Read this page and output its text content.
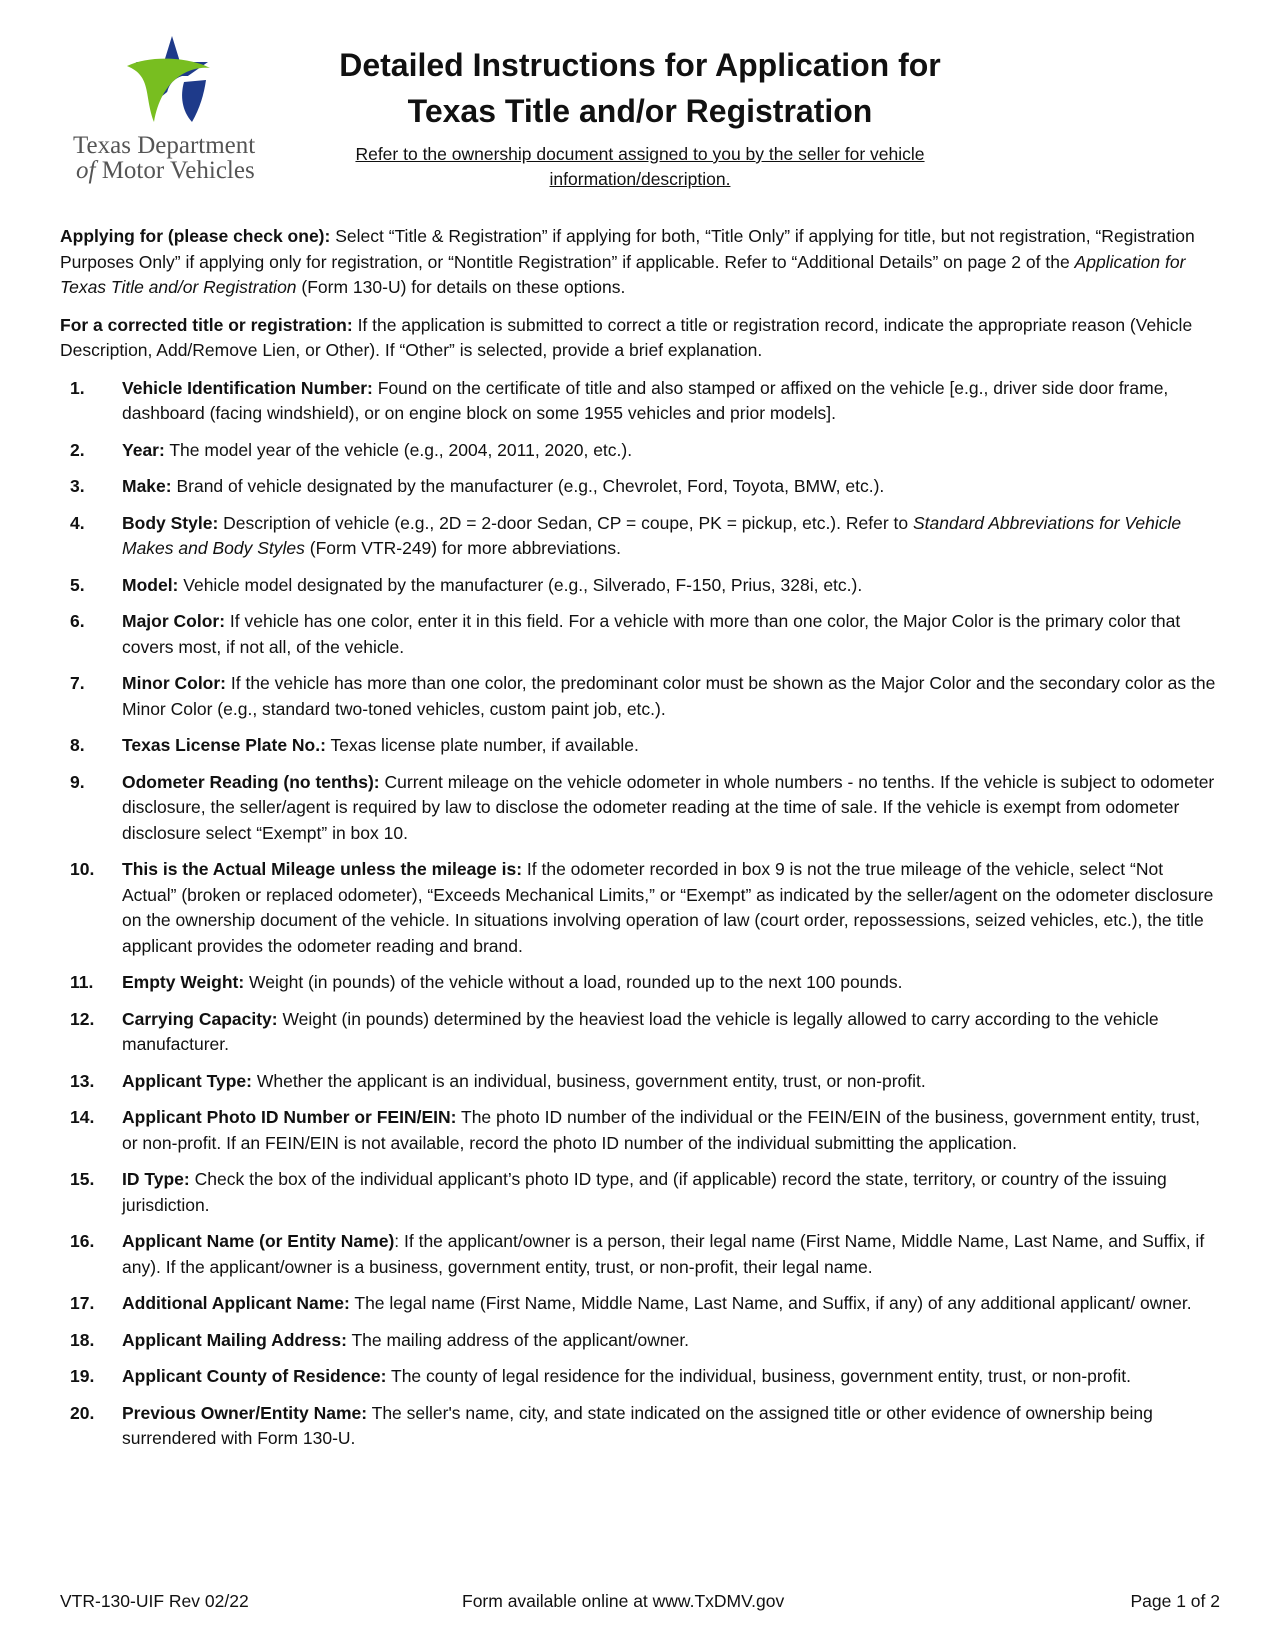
Texas Department
of Motor Vehicles
Detailed Instructions for Application for
Texas Title and/or Registration
Refer to the ownership document assigned to you by the seller for vehicle
information/description.

Applying for (please check one): Select “Title & Registration” if applying for both, “Title Only” if applying for title, but not registration, “Registration Purposes Only” if applying only for registration, or “Nontitle Registration” if applicable. Refer to “Additional Details” on page 2 of the Application for Texas Title and/or Registration (Form 130-U) for details on these options.

For a corrected title or registration: If the application is submitted to correct a title or registration record, indicate the appropriate reason (Vehicle Description, Add/Remove Lien, or Other). If “Other” is selected, provide a brief explanation.

1.	Vehicle Identification Number: Found on the certificate of title and also stamped or affixed on the vehicle [e.g., driver side door frame, dashboard (facing windshield), or on engine block on some 1955 vehicles and prior models].
2.	Year: The model year of the vehicle (e.g., 2004, 2011, 2020, etc.).
3.	Make: Brand of vehicle designated by the manufacturer (e.g., Chevrolet, Ford, Toyota, BMW, etc.).
4.	Body Style: Description of vehicle (e.g., 2D = 2-door Sedan, CP = coupe, PK = pickup, etc.). Refer to Standard Abbreviations for Vehicle Makes and Body Styles (Form VTR-249) for more abbreviations.
5.	Model: Vehicle model designated by the manufacturer (e.g., Silverado, F-150, Prius, 328i, etc.).
6.	Major Color: If vehicle has one color, enter it in this field. For a vehicle with more than one color, the Major Color is the primary color that covers most, if not all, of the vehicle.
7.	Minor Color: If the vehicle has more than one color, the predominant color must be shown as the Major Color and the secondary color as the Minor Color (e.g., standard two-toned vehicles, custom paint job, etc.).
8.	Texas License Plate No.: Texas license plate number, if available.
9.	Odometer Reading (no tenths): Current mileage on the vehicle odometer in whole numbers - no tenths. If the vehicle is subject to odometer disclosure, the seller/agent is required by law to disclose the odometer reading at the time of sale. If the vehicle is exempt from odometer disclosure select “Exempt” in box 10.
10.	This is the Actual Mileage unless the mileage is: If the odometer recorded in box 9 is not the true mileage of the vehicle, select “Not Actual” (broken or replaced odometer), “Exceeds Mechanical Limits,” or “Exempt” as indicated by the seller/agent on the odometer disclosure on the ownership document of the vehicle. In situations involving operation of law (court order, repossessions, seized vehicles, etc.), the title applicant provides the odometer reading and brand.
11.	Empty Weight: Weight (in pounds) of the vehicle without a load, rounded up to the next 100 pounds.
12.	Carrying Capacity: Weight (in pounds) determined by the heaviest load the vehicle is legally allowed to carry according to the vehicle manufacturer.
13.	Applicant Type: Whether the applicant is an individual, business, government entity, trust, or non-profit.
14.	Applicant Photo ID Number or FEIN/EIN: The photo ID number of the individual or the FEIN/EIN of the business, government entity, trust, or non-profit. If an FEIN/EIN is not available, record the photo ID number of the individual submitting the application.
15.	ID Type: Check the box of the individual applicant’s photo ID type, and (if applicable) record the state, territory, or country of the issuing jurisdiction.
16.	Applicant Name (or Entity Name): If the applicant/owner is a person, their legal name (First Name, Middle Name, Last Name, and Suffix, if any). If the applicant/owner is a business, government entity, trust, or non-profit, their legal name.
17.	Additional Applicant Name: The legal name (First Name, Middle Name, Last Name, and Suffix, if any) of any additional applicant/ owner.
18.	Applicant Mailing Address: The mailing address of the applicant/owner.
19.	Applicant County of Residence: The county of legal residence for the individual, business, government entity, trust, or non-profit.
20.	Previous Owner/Entity Name: The seller's name, city, and state indicated on the assigned title or other evidence of ownership being surrendered with Form 130-U.
VTR-130-UIF Rev 02/22	Form available online at www.TxDMV.gov	Page 1 of 2
